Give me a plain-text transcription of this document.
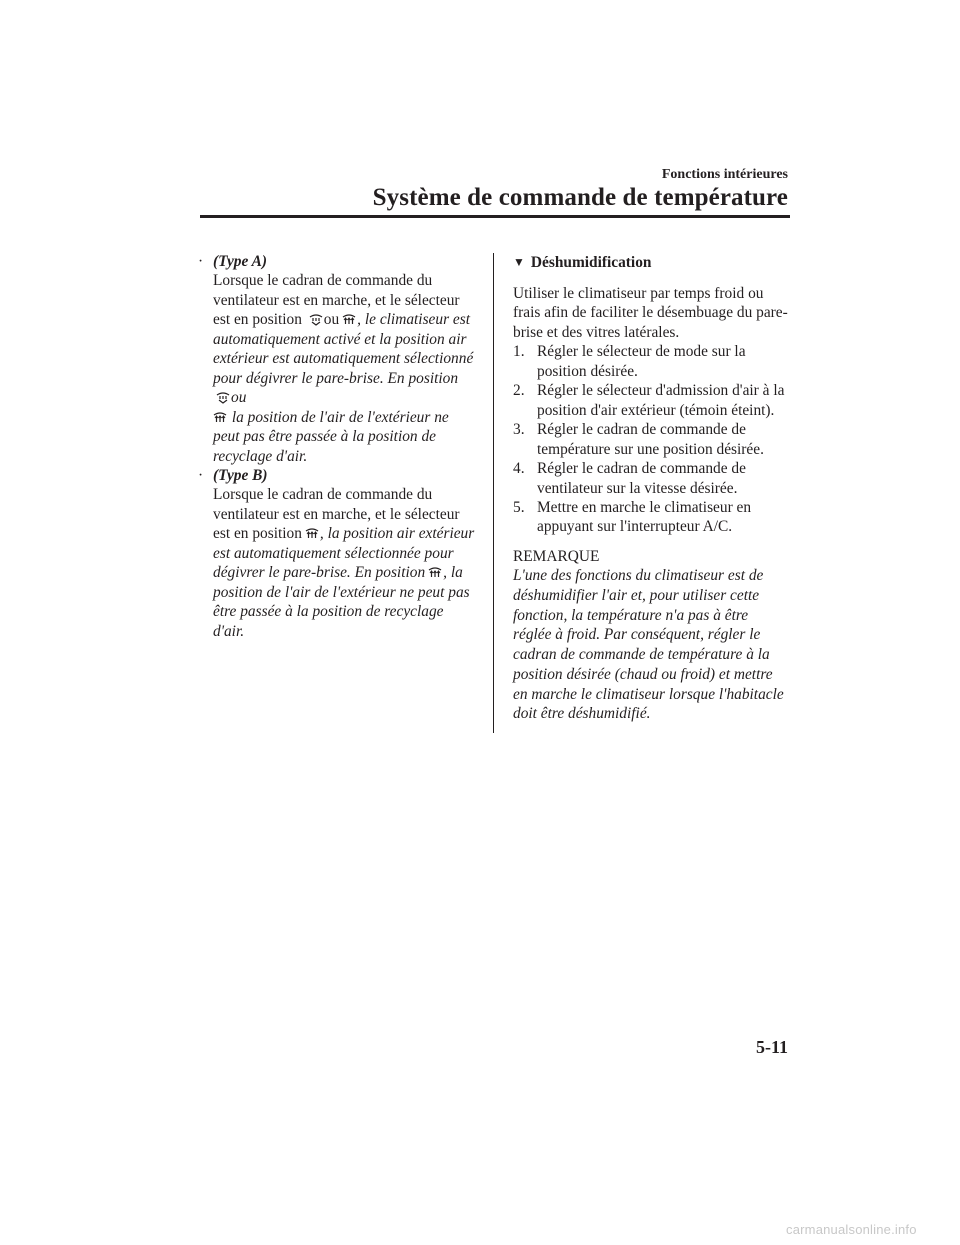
Fonctions intérieures
Système de commande de température
· (Type A)
Lorsque le cadran de commande du ventilateur est en marche, et le sélecteur est en position ou , le climatiseur est automatiquement activé et la position air extérieur est automatiquement sélectionné pour dégivrer le pare-brise. En position ou
la position de l'air de l'extérieur ne peut pas être passée à la position de recyclage d'air.
· (Type B)
Lorsque le cadran de commande du ventilateur est en marche, et le sélecteur est en position , la position air extérieur est automatiquement sélectionnée pour dégivrer le pare-brise. En position , la position de l'air de l'extérieur ne peut pas être passée à la position de recyclage d'air.
▼ Déshumidification
Utiliser le climatiseur par temps froid ou frais afin de faciliter le désembuage du pare-brise et des vitres latérales.
1. Régler le sélecteur de mode sur la position désirée.
2. Régler le sélecteur d'admission d'air à la position d'air extérieur (témoin éteint).
3. Régler le cadran de commande de température sur une position désirée.
4. Régler le cadran de commande de ventilateur sur la vitesse désirée.
5. Mettre en marche le climatiseur en appuyant sur l'interrupteur A/C.
REMARQUE
L'une des fonctions du climatiseur est de déshumidifier l'air et, pour utiliser cette fonction, la température n'a pas à être réglée à froid. Par conséquent, régler le cadran de commande de température à la position désirée (chaud ou froid) et mettre en marche le climatiseur lorsque l'habitacle doit être déshumidifié.
5-11
carmanualsonline.info
